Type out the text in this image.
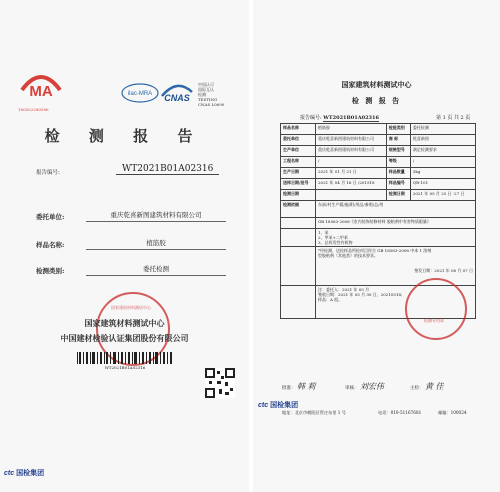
MA
180052280586
ilac-MRA CNAS
中国认可
国际互认
检测
TESTING
CNAS L0690
检 测 报 告
报告编号:	WT2021B01A02316
委托单位:	重庆乾喜新图建筑材料有限公司
样品名称:	植筋胶
检测类别:	委托检测
国家建筑材料测试中心
国家建筑材料测试中心
中国建材检验认证集团股份有限公司
WT2021B01A02316
ctc 国检集团
国家建筑材料测试中心
检 测 报 告
报告编号: WT2021B01A02316	第 1 页 共 2 页
样品名称	植筋胶	检验类别	委托检测
委托单位	重庆乾喜新图建筑材料有限公司	商 标	乾喜新图
生产单位	重庆乾喜新图建筑材料有限公司	规格型号	满足检测要求
工程名称	/	等级	/
生产日期	2021 年 01 月 21 日	样品数量	5kg
送样日期/批号	2021 年 04 月 16 日 /201518	样品编号	QR-101
检测日期		检测日期	2021 年 05 月 25 日 -27 日
检测依据	东部/村生产精/施/附/用品/参照/总/用		
	GB 18583-2008《室内装饰装修材料 胶粘剂中有害物质限量》		

	1、苯
2、甲苯+二甲苯
3、总挥发性有机物		

	*经检测，送检样品所检项目符合 GB 18583-2008 中本 1 溶剂
型胶粘剂（其他类）的技术要求。
签发日期：2021 年 06 月 07 日		

	注：委托人：2021 年 05 月
签收日期：2021 年 05 月 30 日，20210518；
样品：A 组。		
检测专用章
批准： 韩 莉	审核： 刘宏伟	主检： 黄 佳
地址：北京市朝阳区管庄东里 1 号	电话：010-51167681	邮编：100024
ctc 国检集团
